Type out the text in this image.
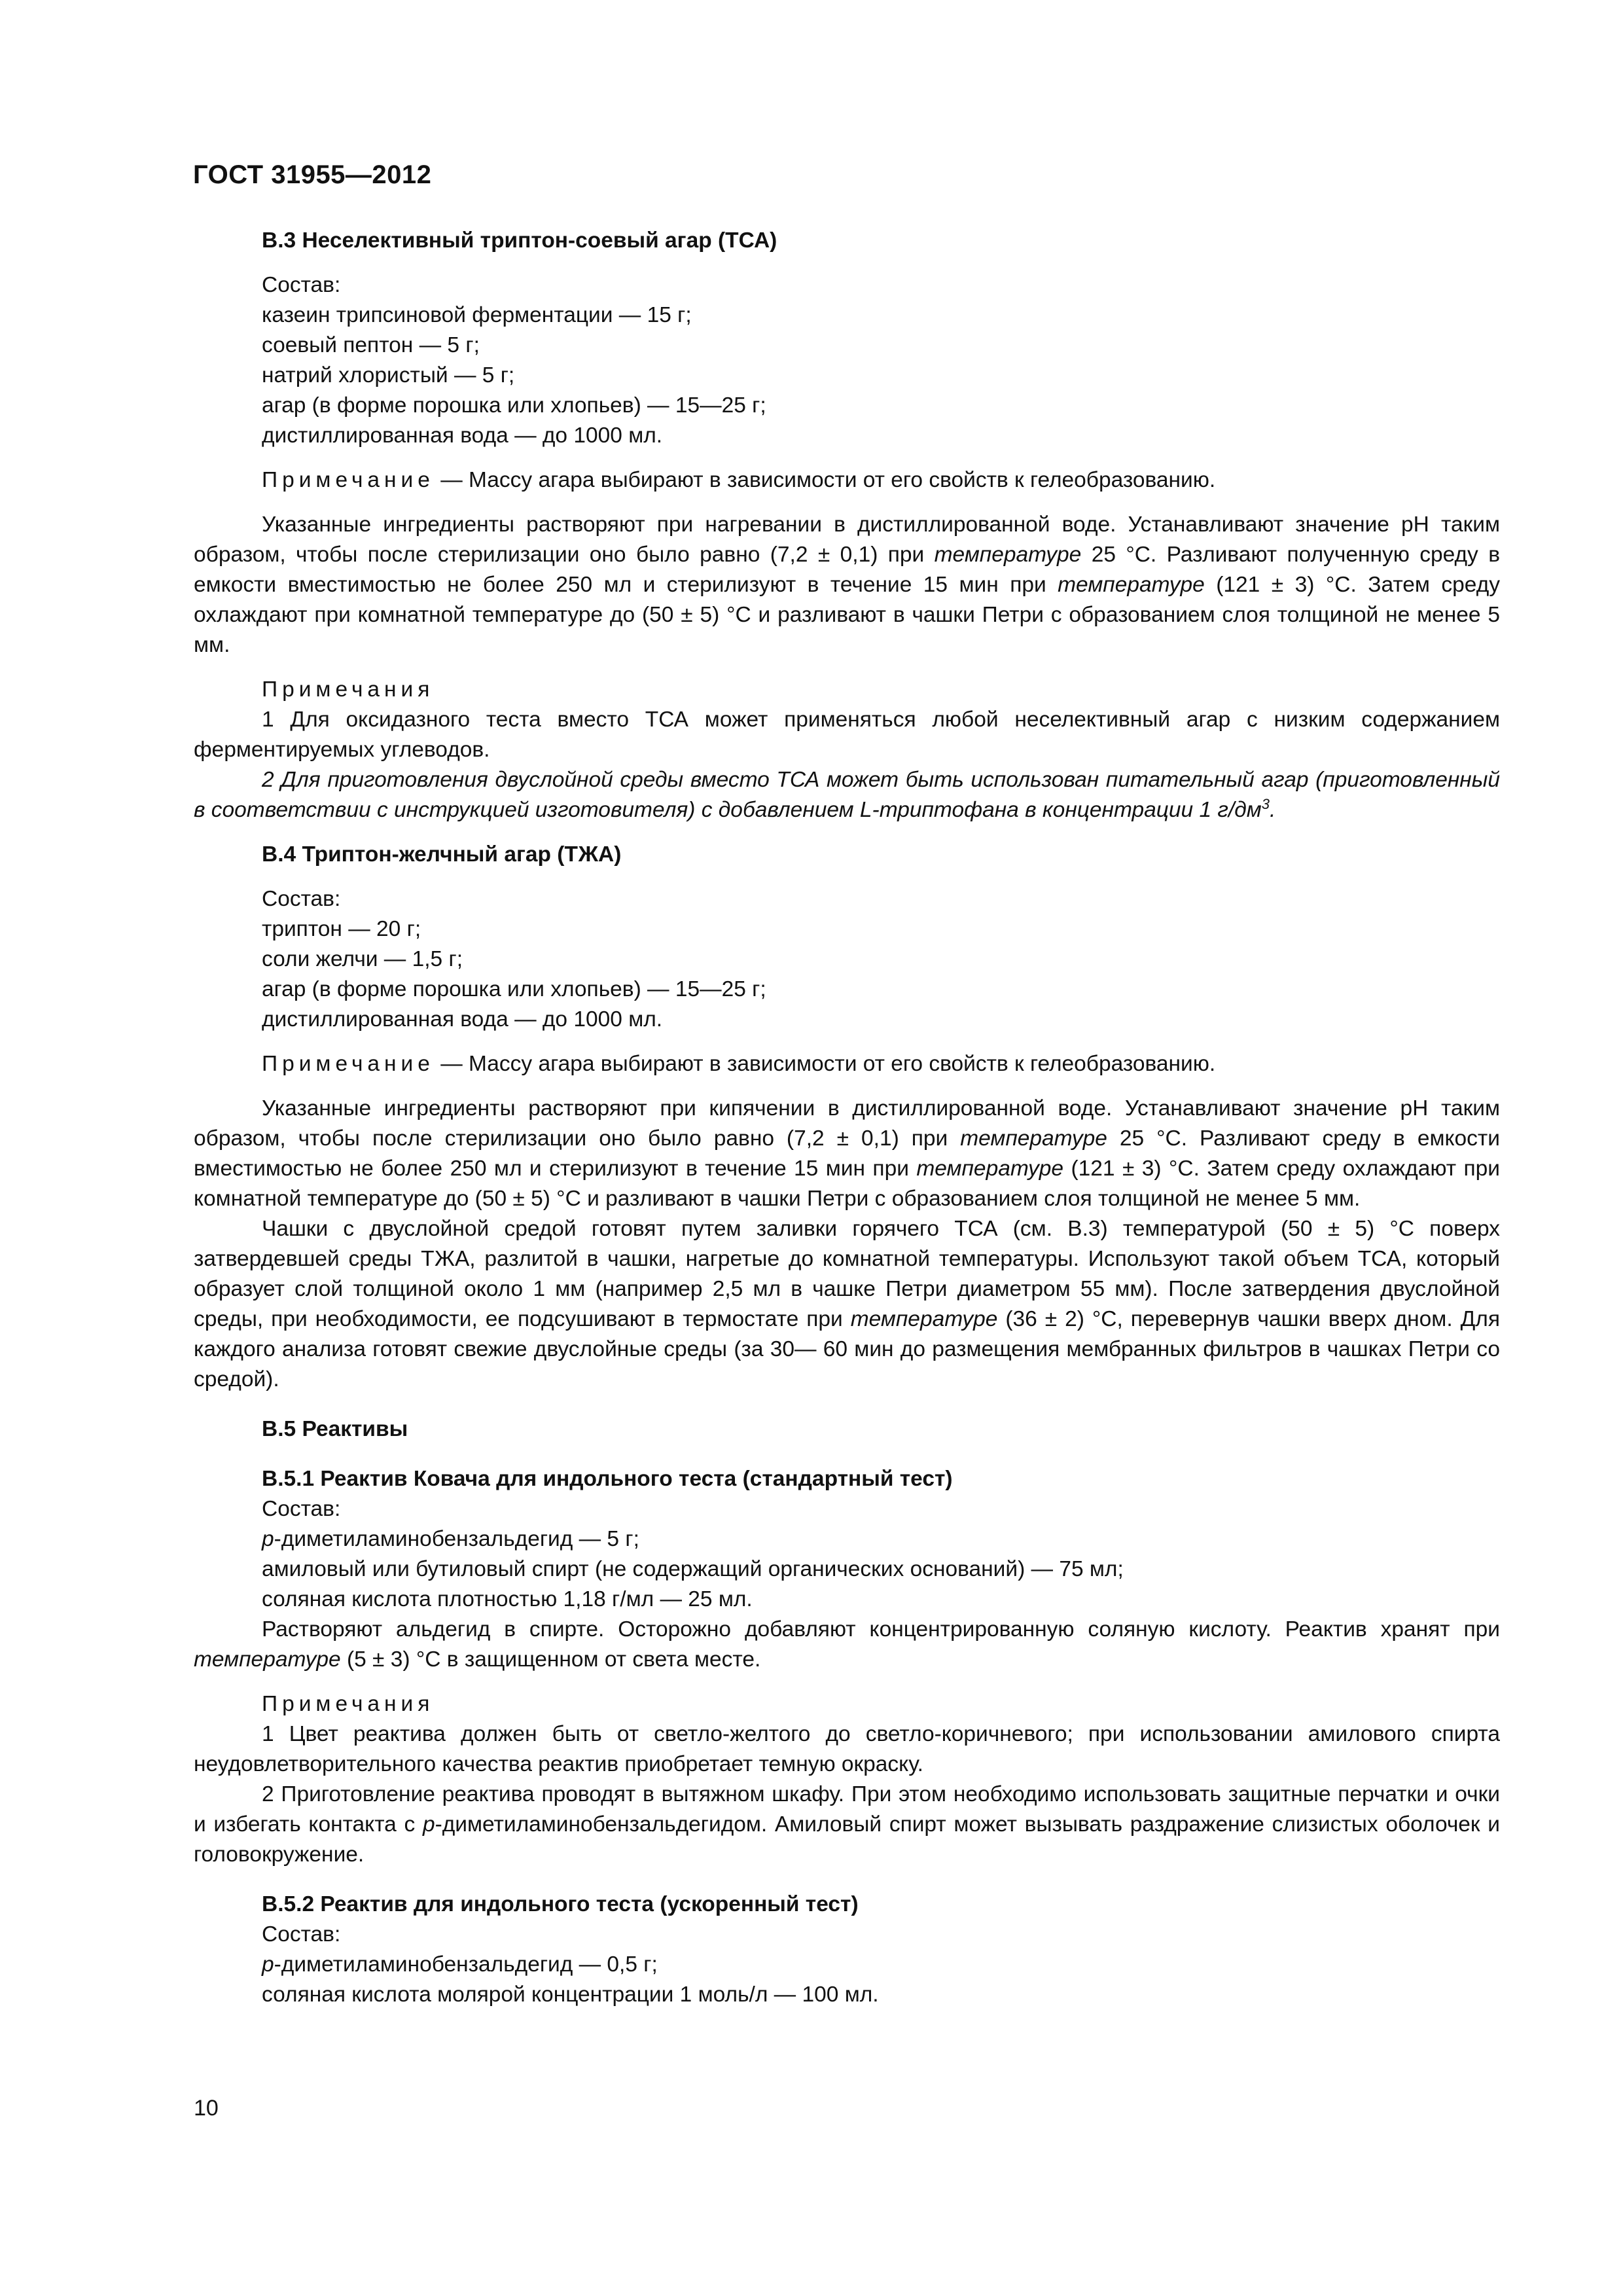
ГОСТ 31955—2012

В.3 Неселективный триптон-соевый агар (ТСА)

Состав:

казеин трипсиновой ферментации — 15 г;

соевый пептон — 5 г;

натрий хлористый — 5 г;

агар (в форме порошка или хлопьев) — 15—25 г;

дистиллированная вода — до 1000 мл.

Примечание — Массу агара выбирают в зависимости от его свойств к гелеобразованию.

Указанные ингредиенты растворяют при нагревании в дистиллированной воде. Устанавливают значение рН таким образом, чтобы после стерилизации оно было равно (7,2 ± 0,1) при температуре 25 °С. Разливают полученную среду в емкости вместимостью не более 250 мл и стерилизуют в течение 15 мин при температуре (121 ± 3) °С. Затем среду охлаждают при комнатной температуре до (50 ± 5) °С и разливают в чашки Петри с образованием слоя толщиной не менее 5 мм.

Примечания

1 Для оксидазного теста вместо ТСА может применяться любой неселективный агар с низким содержанием ферментируемых углеводов.

2 Для приготовления двуслойной среды вместо ТСА может быть использован питательный агар (приготовленный в соответствии с инструкцией изготовителя) с добавлением L-триптофана в концентрации 1 $г/дм^3$.

В.4 Триптон-желчный агар (ТЖА)

Состав:

триптон — 20 г;

соли желчи — 1,5 г;

агар (в форме порошка или хлопьев) — 15—25 г;

дистиллированная вода — до 1000 мл.

Примечание — Массу агара выбирают в зависимости от его свойств к гелеобразованию.

Указанные ингредиенты растворяют при кипячении в дистиллированной воде. Устанавливают значение рН таким образом, чтобы после стерилизации оно было равно (7,2 ± 0,1) при температуре 25 °С. Разливают среду в емкости вместимостью не более 250 мл и стерилизуют в течение 15 мин при температуре (121 ± 3) °С. Затем среду охлаждают при комнатной температуре до (50 ± 5) °С и разливают в чашки Петри с образованием слоя толщиной не менее 5 мм.

Чашки с двуслойной средой готовят путем заливки горячего ТСА (см. В.3) температурой (50 ± 5) °С поверх затвердевшей среды ТЖА, разлитой в чашки, нагретые до комнатной температуры. Используют такой объем ТСА, который образует слой толщиной около 1 мм (например 2,5 мл в чашке Петри диаметром 55 мм). После затвердения двуслойной среды, при необходимости, ее подсушивают в термостате при температуре (36 ± 2) °С, перевернув чашки вверх дном. Для каждого анализа готовят свежие двуслойные среды (за 30— 60 мин до размещения мембранных фильтров в чашках Петри со средой).

В.5 Реактивы

В.5.1 Реактив Ковача для индольного теста (стандартный тест)

Состав:

р-диметиламинобензальдегид — 5 г;

амиловый или бутиловый спирт (не содержащий органических оснований) — 75 мл;

соляная кислота плотностью 1,18 г/мл — 25 мл.

Растворяют альдегид в спирте. Осторожно добавляют концентрированную соляную кислоту. Реактив хранят при температуре (5 ± 3) °С в защищенном от света месте.

Примечания

1 Цвет реактива должен быть от светло-желтого до светло-коричневого; при использовании амилового спирта неудовлетворительного качества реактив приобретает темную окраску.

2 Приготовление реактива проводят в вытяжном шкафу. При этом необходимо использовать защитные перчатки и очки и избегать контакта с р-диметиламинобензальдегидом. Амиловый спирт может вызывать раздражение слизистых оболочек и головокружение.

В.5.2 Реактив для индольного теста (ускоренный тест)

Состав:

р-диметиламинобензальдегид — 0,5 г;

соляная кислота молярой концентрации 1 моль/л — 100 мл.

10
